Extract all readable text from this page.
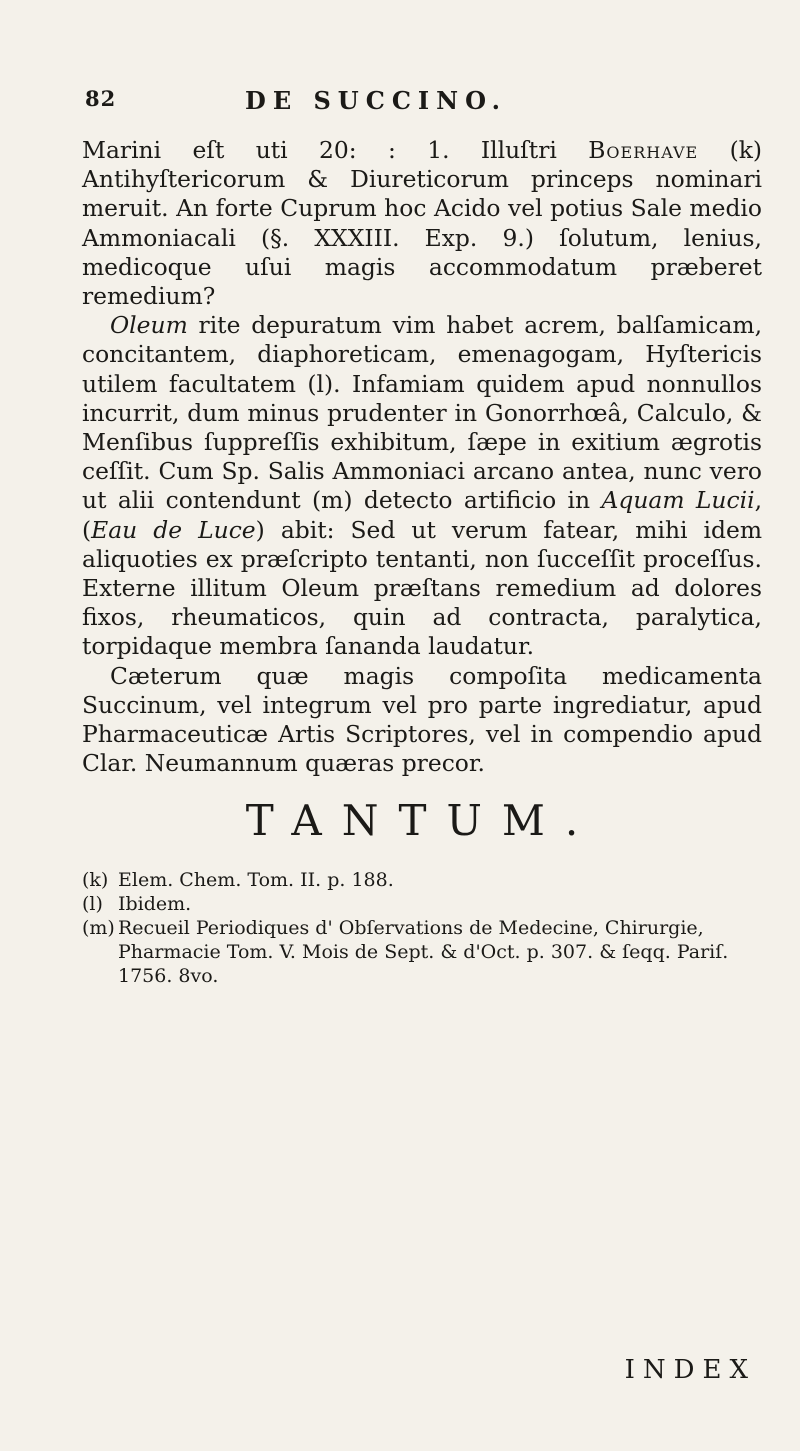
82	DE SUCCINO.

Marini eſt uti 20: : 1. Illuſtri Boerhave (k) Antihyſtericorum & Diureticorum princeps nominari meruit. An forte Cuprum hoc Acido vel potius Sale medio Ammoniacali (§. XXXIII. Exp. 9.) ſolutum, lenius, medicoque uſui magis accommodatum præberet remedium?

Oleum rite depuratum vim habet acrem, balſamicam, concitantem, diaphoreticam, emenagogam, Hyſtericis utilem facultatem (l). Infamiam quidem apud nonnullos incurrit, dum minus prudenter in Gonorrhœâ, Calculo, & Menſibus ſuppreſſis exhibitum, ſæpe in exitium ægrotis ceſſit. Cum Sp. Salis Ammoniaci arcano antea, nunc vero ut alii contendunt (m) detecto artificio in Aquam Lucii, (Eau de Luce) abit: Sed ut verum fatear, mihi idem aliquoties ex præſcripto tentanti, non ſucceſſit proceſſus. Externe illitum Oleum præſtans remedium ad dolores fixos, rheumaticos, quin ad contracta, paralytica, torpidaque membra ſananda laudatur.

Cæterum quæ magis compoſita medicamenta Succinum, vel integrum vel pro parte ingrediatur, apud Pharmaceuticæ Artis Scriptores, vel in compendio apud Clar. Neumannum quæras precor.

TANTUM.
(k) Elem. Chem. Tom. II. p. 188.
(l) Ibidem.
(m) Recueil Periodiques d' Obſervations de Medecine, Chirurgie, Pharmacie Tom. V. Mois de Sept. & d'Oct. p. 307. & ſeqq. Pariſ. 1756. 8vo.
INDEX
